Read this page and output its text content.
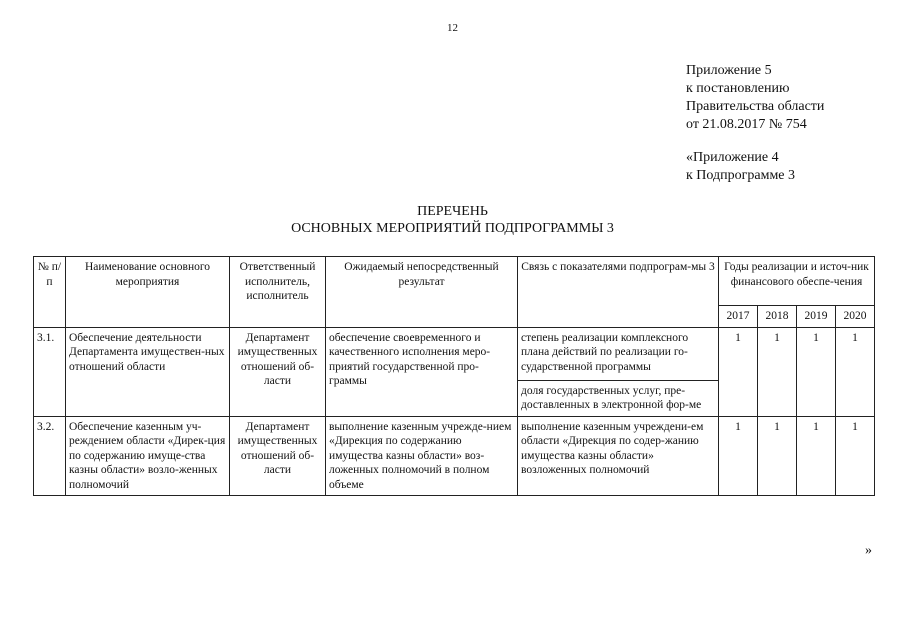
12
Приложение 5
к постановлению
Правительства области
от 21.08.2017 № 754
«Приложение 4
к Подпрограмме 3
ПЕРЕЧЕНЬ
ОСНОВНЫХ МЕРОПРИЯТИЙ ПОДПРОГРАММЫ 3
№ п/п	Наименование основного мероприятия	Ответственный исполнитель, исполнитель	Ожидаемый непосредственный результат	Связь с показателями подпрограм-мы 3	Годы реализации и источ-ник финансового обеспе-чения			
					2017	2018	2019	2020
3.1.	Обеспечение деятельности Департамента имуществен-ных отношений области	Департамент имущественных отношений об-ласти	обеспечение своевременного и качественного исполнения меро-приятий государственной про-граммы	степень реализации комплексного плана действий по реализации го-сударственной программы	1	1	1	1
				доля государственных услуг, пре-доставленных в электронной фор-ме				
3.2.	Обеспечение казенным уч-реждением области «Дирек-ция по содержанию имуще-ства казны области» возло-женных полномочий	Департамент имущественных отношений об-ласти	выполнение казенным учрежде-нием «Дирекция по содержанию имущества казны области» воз-ложенных полномочий в полном объеме	выполнение казенным учреждени-ем области «Дирекция по содер-жанию имущества казны области» возложенных полномочий	1	1	1	1
»
